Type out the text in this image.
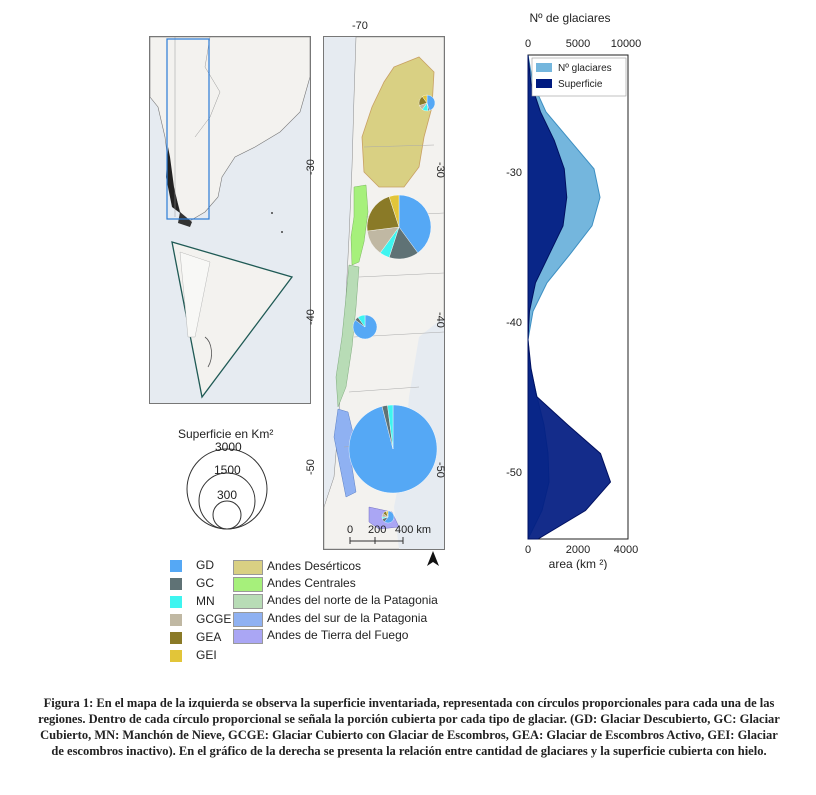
-70
-30
-40
-50
-30
-40
-50
0 200 400 km
Superficie en Km²
3000
1500
300
GD
GC
MN
GCGE
GEA
GEI
Andes Desérticos
Andes Centrales
Andes del norte de la Patagonia
Andes del sur de la Patagonia
Andes de Tierra del Fuego
Nº glaciares
Superficie
Nº de glaciares
0	5000 10000
0	2000 4000
area (km ²)
-30
-40
-50
Figura 1: En el mapa de la izquierda se observa la superficie inventariada, representada con círculos proporcionales para cada una de las regiones. Dentro de cada círculo proporcional se señala la porción cubierta por cada tipo de glaciar. (GD: Glaciar Descubierto, GC: Glaciar Cubierto, MN: Manchón de Nieve, GCGE: Glaciar Cubierto con Glaciar de Escombros, GEA: Glaciar de Escombros Activo, GEI: Glaciar de escombros inactivo). En el gráfico de la derecha se presenta la relación entre cantidad de glaciares y la superficie cubierta con hielo.
